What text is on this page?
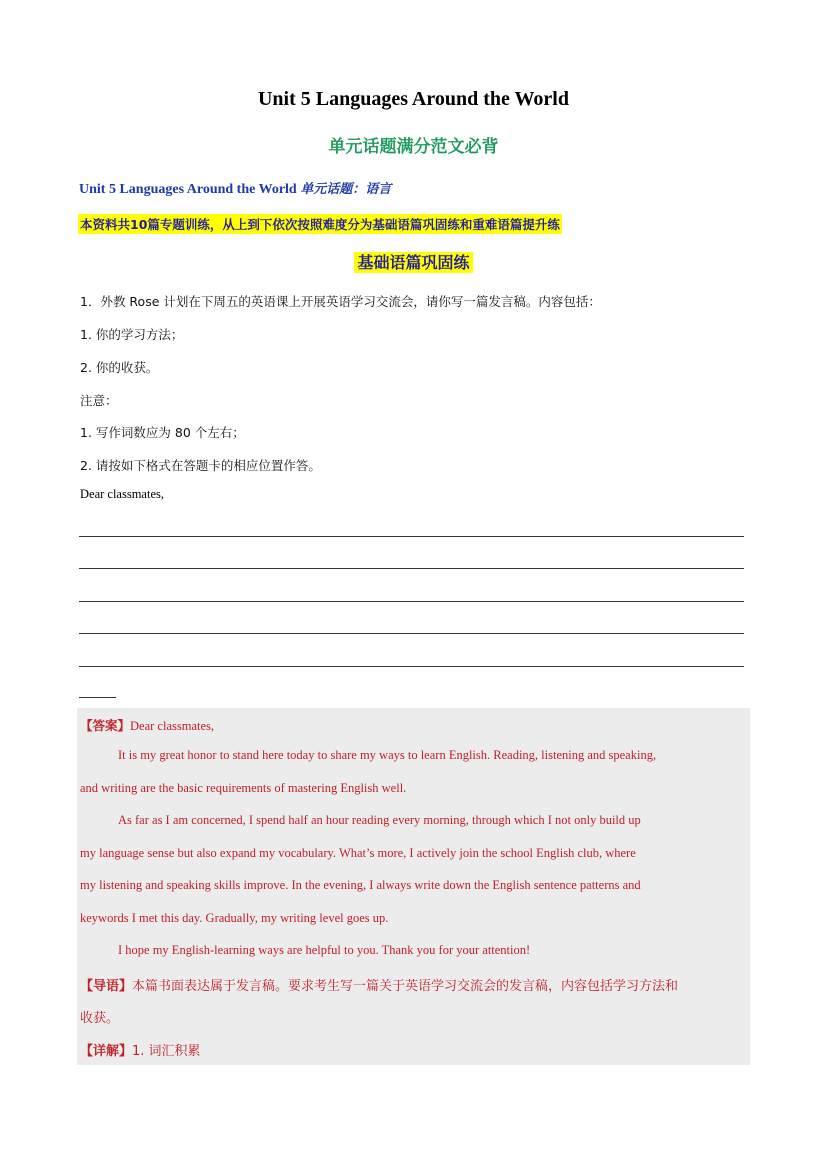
Unit 5 Languages Around the World
单元话题满分范文必背
Unit 5 Languages Around the World 单元话题：语言
本资料共10篇专题训练，从上到下依次按照难度分为基础语篇巩固练和重难语篇提升练
基础语篇巩固练
1．外教 Rose 计划在下周五的英语课上开展英语学习交流会，请你写一篇发言稿。内容包括：
1. 你的学习方法；
2. 你的收获。
注意：
1. 写作词数应为 80 个左右；
2. 请按如下格式在答题卡的相应位置作答。
Dear classmates,
【答案】Dear classmates,
It is my great honor to stand here today to share my ways to learn English. Reading, listening and speaking,
and writing are the basic requirements of mastering English well.
As far as I am concerned, I spend half an hour reading every morning, through which I not only build up
my language sense but also expand my vocabulary. What’s more, I actively join the school English club, where
my listening and speaking skills improve. In the evening, I always write down the English sentence patterns and
keywords I met this day. Gradually, my writing level goes up.
I hope my English-learning ways are helpful to you. Thank you for your attention!
【导语】本篇书面表达属于发言稿。要求考生写一篇关于英语学习交流会的发言稿，内容包括学习方法和
收获。
【详解】1. 词汇积累
